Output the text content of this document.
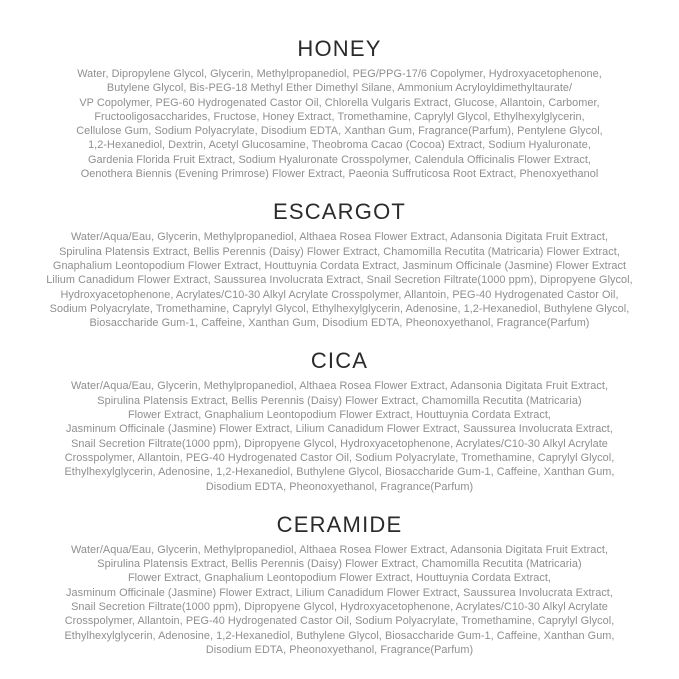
HONEY
Water, Dipropylene Glycol, Glycerin, Methylpropanediol, PEG/PPG-17/6 Copolymer, Hydroxyacetophenone,
Butylene Glycol, Bis-PEG-18 Methyl Ether Dimethyl Silane, Ammonium Acryloyldimethyltaurate/
VP Copolymer, PEG-60 Hydrogenated Castor Oil, Chlorella Vulgaris Extract, Glucose, Allantoin, Carbomer,
Fructooligosaccharides, Fructose, Honey Extract, Tromethamine, Caprylyl Glycol, Ethylhexylglycerin,
Cellulose Gum, Sodium Polyacrylate, Disodium EDTA, Xanthan Gum, Fragrance(Parfum), Pentylene Glycol,
1,2-Hexanediol, Dextrin, Acetyl Glucosamine, Theobroma Cacao (Cocoa) Extract, Sodium Hyaluronate,
Gardenia Florida Fruit Extract, Sodium Hyaluronate Crosspolymer, Calendula Officinalis Flower Extract,
Oenothera Biennis (Evening Primrose) Flower Extract, Paeonia Suffruticosa Root Extract, Phenoxyethanol
ESCARGOT
Water/Aqua/Eau, Glycerin, Methylpropanediol, Althaea Rosea Flower Extract, Adansonia Digitata Fruit Extract,
Spirulina Platensis Extract, Bellis Perennis (Daisy) Flower Extract, Chamomilla Recutita (Matricaria) Flower Extract,
Gnaphalium Leontopodium Flower Extract, Houttuynia Cordata Extract, Jasminum Officinale (Jasmine) Flower Extract
Lilium Canadidum Flower Extract, Saussurea Involucrata Extract, Snail Secretion Filtrate(1000 ppm), Dipropyene Glycol,
Hydroxyacetophenone, Acrylates/C10-30 Alkyl Acrylate Crosspolymer, Allantoin, PEG-40 Hydrogenated Castor Oil,
Sodium Polyacrylate, Tromethamine, Caprylyl Glycol, Ethylhexylglycerin, Adenosine, 1,2-Hexanediol, Buthylene Glycol,
Biosaccharide Gum-1, Caffeine, Xanthan Gum, Disodium EDTA, Pheonoxyethanol, Fragrance(Parfum)
CICA
Water/Aqua/Eau, Glycerin, Methylpropanediol, Althaea Rosea Flower Extract, Adansonia Digitata Fruit Extract,
Spirulina Platensis Extract, Bellis Perennis (Daisy) Flower Extract, Chamomilla Recutita (Matricaria)
Flower Extract, Gnaphalium Leontopodium Flower Extract, Houttuynia Cordata Extract,
Jasminum Officinale (Jasmine) Flower Extract, Lilium Canadidum Flower Extract, Saussurea Involucrata Extract,
Snail Secretion Filtrate(1000 ppm), Dipropyene Glycol, Hydroxyacetophenone, Acrylates/C10-30 Alkyl Acrylate
Crosspolymer, Allantoin, PEG-40 Hydrogenated Castor Oil, Sodium Polyacrylate, Tromethamine, Caprylyl Glycol,
Ethylhexylglycerin, Adenosine, 1,2-Hexanediol, Buthylene Glycol, Biosaccharide Gum-1, Caffeine, Xanthan Gum,
Disodium EDTA, Pheonoxyethanol, Fragrance(Parfum)
CERAMIDE
Water/Aqua/Eau, Glycerin, Methylpropanediol, Althaea Rosea Flower Extract, Adansonia Digitata Fruit Extract,
Spirulina Platensis Extract, Bellis Perennis (Daisy) Flower Extract, Chamomilla Recutita (Matricaria)
Flower Extract, Gnaphalium Leontopodium Flower Extract, Houttuynia Cordata Extract,
Jasminum Officinale (Jasmine) Flower Extract, Lilium Canadidum Flower Extract, Saussurea Involucrata Extract,
Snail Secretion Filtrate(1000 ppm), Dipropyene Glycol, Hydroxyacetophenone, Acrylates/C10-30 Alkyl Acrylate
Crosspolymer, Allantoin, PEG-40 Hydrogenated Castor Oil, Sodium Polyacrylate, Tromethamine, Caprylyl Glycol,
Ethylhexylglycerin, Adenosine, 1,2-Hexanediol, Buthylene Glycol, Biosaccharide Gum-1, Caffeine, Xanthan Gum,
Disodium EDTA, Pheonoxyethanol, Fragrance(Parfum)
